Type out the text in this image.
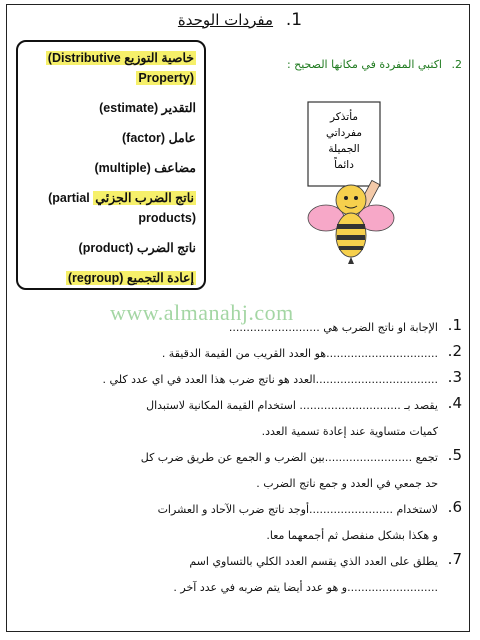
1. مفردات الوحدة
خاصية التوزيع (Distributive
Property)
التقدير (estimate)
عامل (factor)
مضاعف (multiple)
ناتج الضرب الجزئي (partial
products)
ناتج الضرب (product)
إعادة التجميع (regroup)
2. اكتبي المفردة في مكانها الصحيح :
مأتذكر
مفرداتي
الجميلة
دائماً
www.almanahj.com	1.
الإجابة او ناتج الضرب هي ..........................
2.
................................هو العدد القريب من القيمة الدقيقة .
3.
...................................العدد هو ناتج ضرب هذا العدد في اي عدد كلي .
4.
يقصد بـ ............................. استخدام القيمة المكانية لاستبدال
كميات متساوية عند إعادة تسمية العدد.
5.
تجمع .........................بين الضرب و الجمع عن طريق ضرب كل
حد جمعي في العدد و جمع ناتج الضرب .
6.
لاستخدام ........................أوجد ناتج ضرب الآحاد و العشرات
و هكذا بشكل منفصل ثم أجمعهما معا.
7.
يطلق على العدد الذي يقسم العدد الكلي بالتساوي اسم
..........................و هو عدد أيضا يتم ضربه في عدد آخر .
